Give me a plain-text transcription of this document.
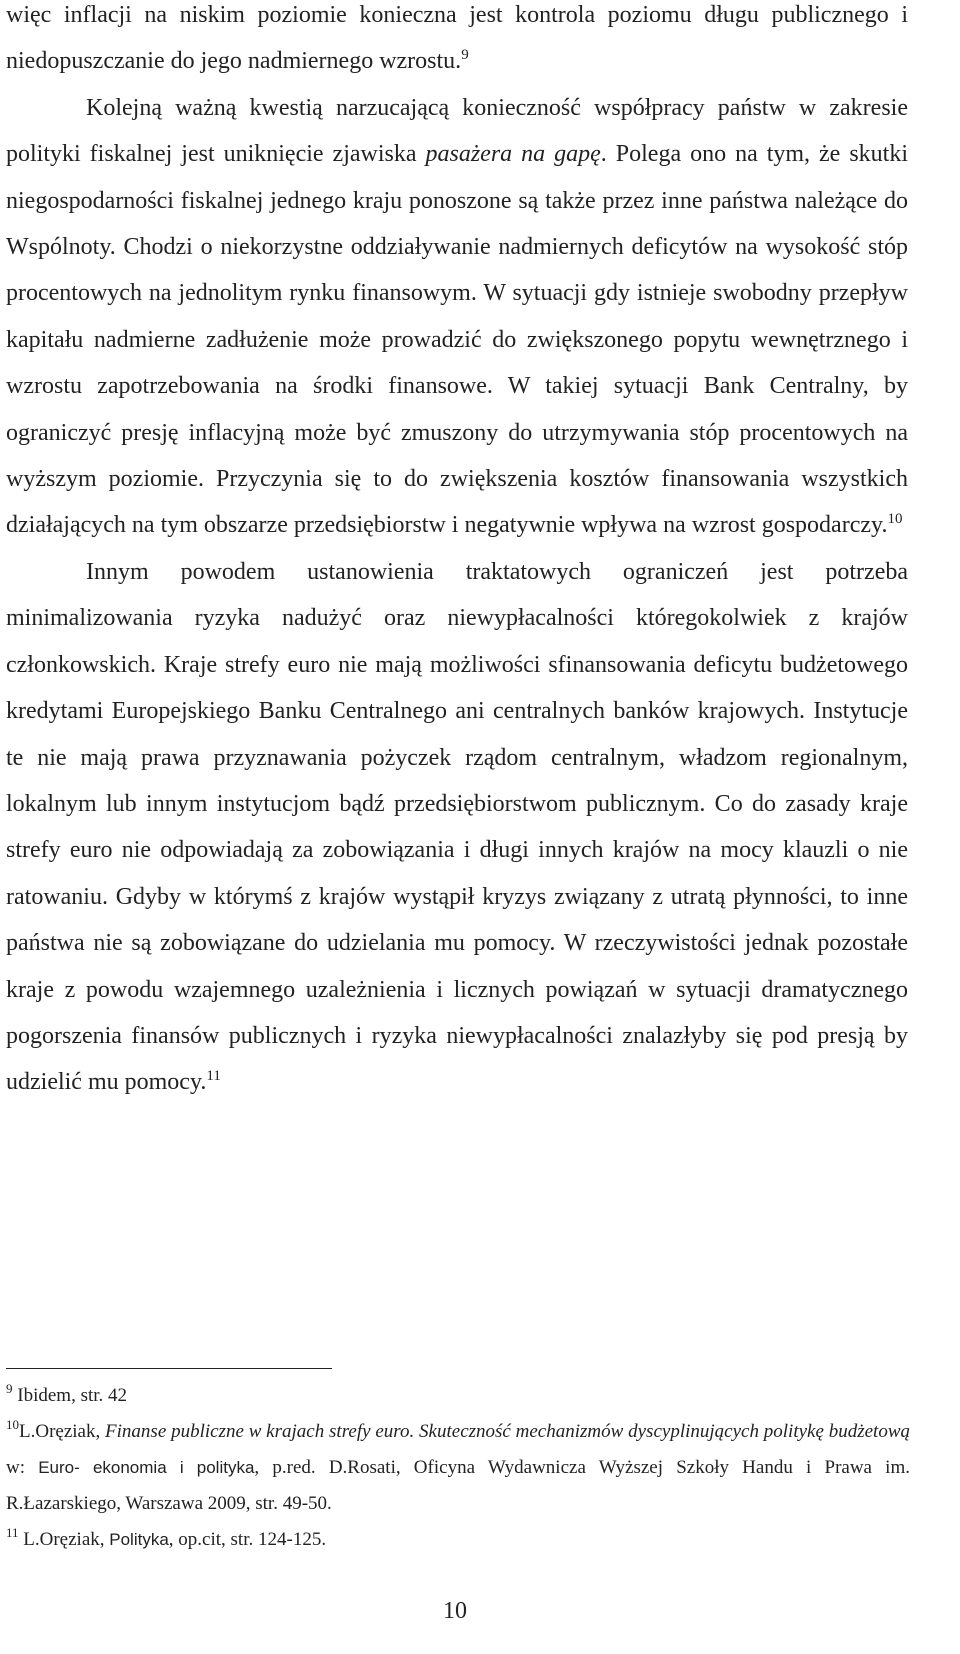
więc inflacji na niskim poziomie konieczna jest kontrola poziomu długu publicznego i niedopuszczanie do jego nadmiernego wzrostu.$^9$

Kolejną ważną kwestią narzucającą konieczność współpracy państw w zakresie polityki fiskalnej jest uniknięcie zjawiska pasażera na gapę. Polega ono na tym, że skutki niegospodarności fiskalnej jednego kraju ponoszone są także przez inne państwa należące do Wspólnoty. Chodzi o niekorzystne oddziaływanie nadmiernych deficytów na wysokość stóp procentowych na jednolitym rynku finansowym. W sytuacji gdy istnieje swobodny przepływ kapitału nadmierne zadłużenie może prowadzić do zwiększonego popytu wewnętrznego i wzrostu zapotrzebowania na środki finansowe. W takiej sytuacji Bank Centralny, by ograniczyć presję inflacyjną może być zmuszony do utrzymywania stóp procentowych na wyższym poziomie. Przyczynia się to do zwiększenia kosztów finansowania wszystkich działających na tym obszarze przedsiębiorstw i negatywnie wpływa na wzrost gospodarczy.$^{10}$

Innym powodem ustanowienia traktatowych ograniczeń jest potrzeba minimalizowania ryzyka nadużyć oraz niewypłacalności któregokolwiek z krajów członkowskich. Kraje strefy euro nie mają możliwości sfinansowania deficytu budżetowego kredytami Europejskiego Banku Centralnego ani centralnych banków krajowych. Instytucje te nie mają prawa przyznawania pożyczek rządom centralnym, władzom regionalnym, lokalnym lub innym instytucjom bądź przedsiębiorstwom publicznym. Co do zasady kraje strefy euro nie odpowiadają za zobowiązania i długi innych krajów na mocy klauzli o nie ratowaniu. Gdyby w którymś z krajów wystąpił kryzys związany z utratą płynności, to inne państwa nie są zobowiązane do udzielania mu pomocy. W rzeczywistości jednak pozostałe kraje z powodu wzajemnego uzależnienia i licznych powiązań w sytuacji dramatycznego pogorszenia finansów publicznych i ryzyka niewypłacalności znalazłyby się pod presją by udzielić mu pomocy.$^{11}$

$^9$ Ibidem, str. 42

$^{10}$L.Oręziak, Finanse publiczne w krajach strefy euro. Skuteczność mechanizmów dyscyplinujących politykę budżetową w: Euro- ekonomia i polityka, p.red. D.Rosati, Oficyna Wydawnicza Wyższej Szkoły Handu i Prawa im. R.Łazarskiego, Warszawa 2009, str. 49-50.

$^{11}$ L.Oręziak, Polityka, op.cit, str. 124-125.

10
